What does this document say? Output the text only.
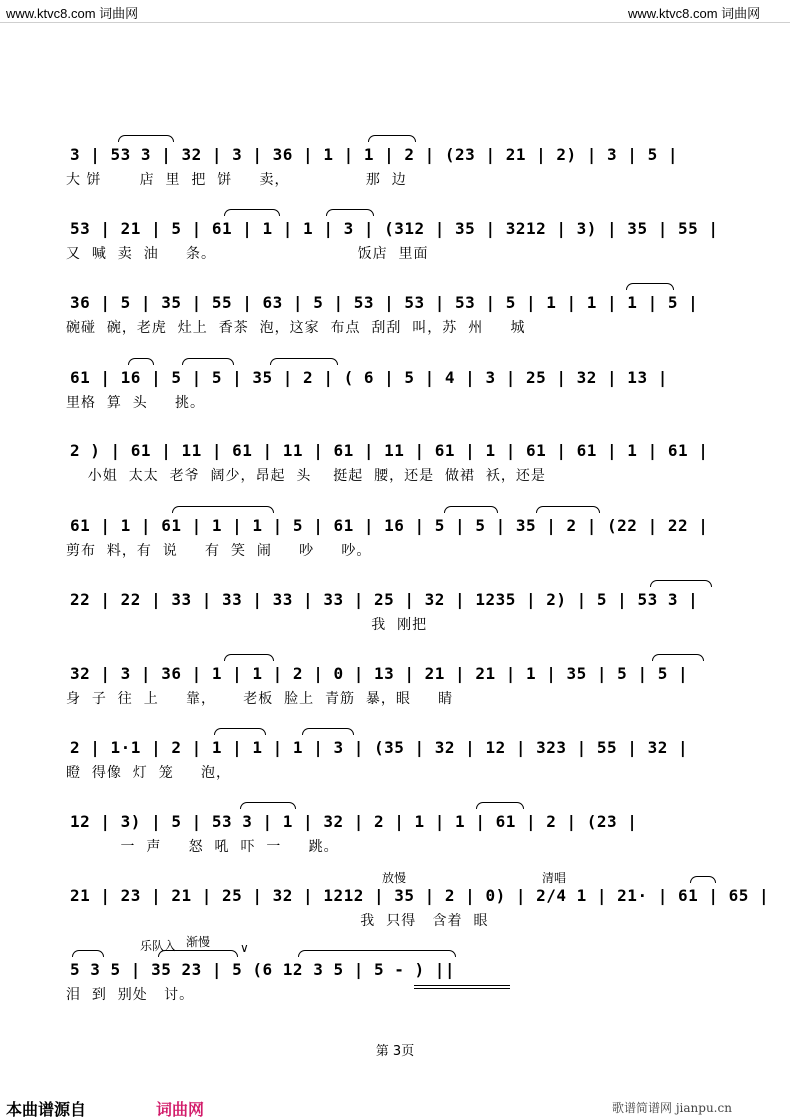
www.ktvc8.com 词曲网	www.ktvc8.com 词曲网
3 | 53 3 | 32 | 3 | 36 | 1 | 1 | 2 | (23 | 21 | 2) | 3 | 5 |
大 饼       店  里  把  饼     卖，              那  边
53 | 21 | 5 | 61 | 1 | 1 | 3 | (312 | 35 | 3212 | 3) | 35 | 55 |
又  喊  卖  油     条。                          饭店  里面
36 | 5 | 35 | 55 | 63 | 5 | 53 | 53 | 53 | 5 | 1 | 1 | 1 | 5 |
碗碰  碗，老虎  灶上  香茶  泡，这家  布点  刮刮  叫，苏  州     城
61 | 16 | 5 | 5 | 35 | 2 | ( 6 | 5 | 4 | 3 | 25 | 32 | 13 |
里格  算  头     挑。
2 ) | 61 | 11 | 61 | 11 | 61 | 11 | 61 | 1 | 61 | 61 | 1 | 61 |
小姐  太太  老爷  阔少，昂起  头    挺起  腰，还是  做裙  袄，还是
61 | 1 | 61 | 1 | 1 | 5 | 61 | 16 | 5 | 5 | 35 | 2 | (22 | 22 |
剪布  料，有  说     有  笑  闹     吵     吵。
22 | 22 | 33 | 33 | 33 | 33 | 25 | 32 | 1235 | 2) | 5 | 53 3 |
我  刚把
32 | 3 | 36 | 1 | 1 | 2 | 0 | 13 | 21 | 21 | 1 | 35 | 5 | 5 |
身  子  往  上     靠，     老板  脸上  青筋  暴，眼     睛
2 | 1·1 | 2 | 1 | 1 | 1 | 3 | (35 | 32 | 12 | 323 | 55 | 32 |
瞪  得像  灯  笼     泡，
12 | 3) | 5 | 53 3 | 1 | 32 | 2 | 1 | 1 | 61 | 2 | (23 |
一  声     怒  吼  吓  一     跳。
放慢	清唱
21 | 23 | 21 | 25 | 32 | 1212 | 35 | 2 | 0) | 2/4 1 | 21· | 61 | 65 |
我  只得   含着  眼
乐队入 渐慢 ∨
5 3 5 | 35 23 | 5 (6 12 3 5 | 5 - ) ||
泪  到  别处   讨。
第 3页
本曲谱源自	词曲网	歌谱简谱网 jianpu.cn
